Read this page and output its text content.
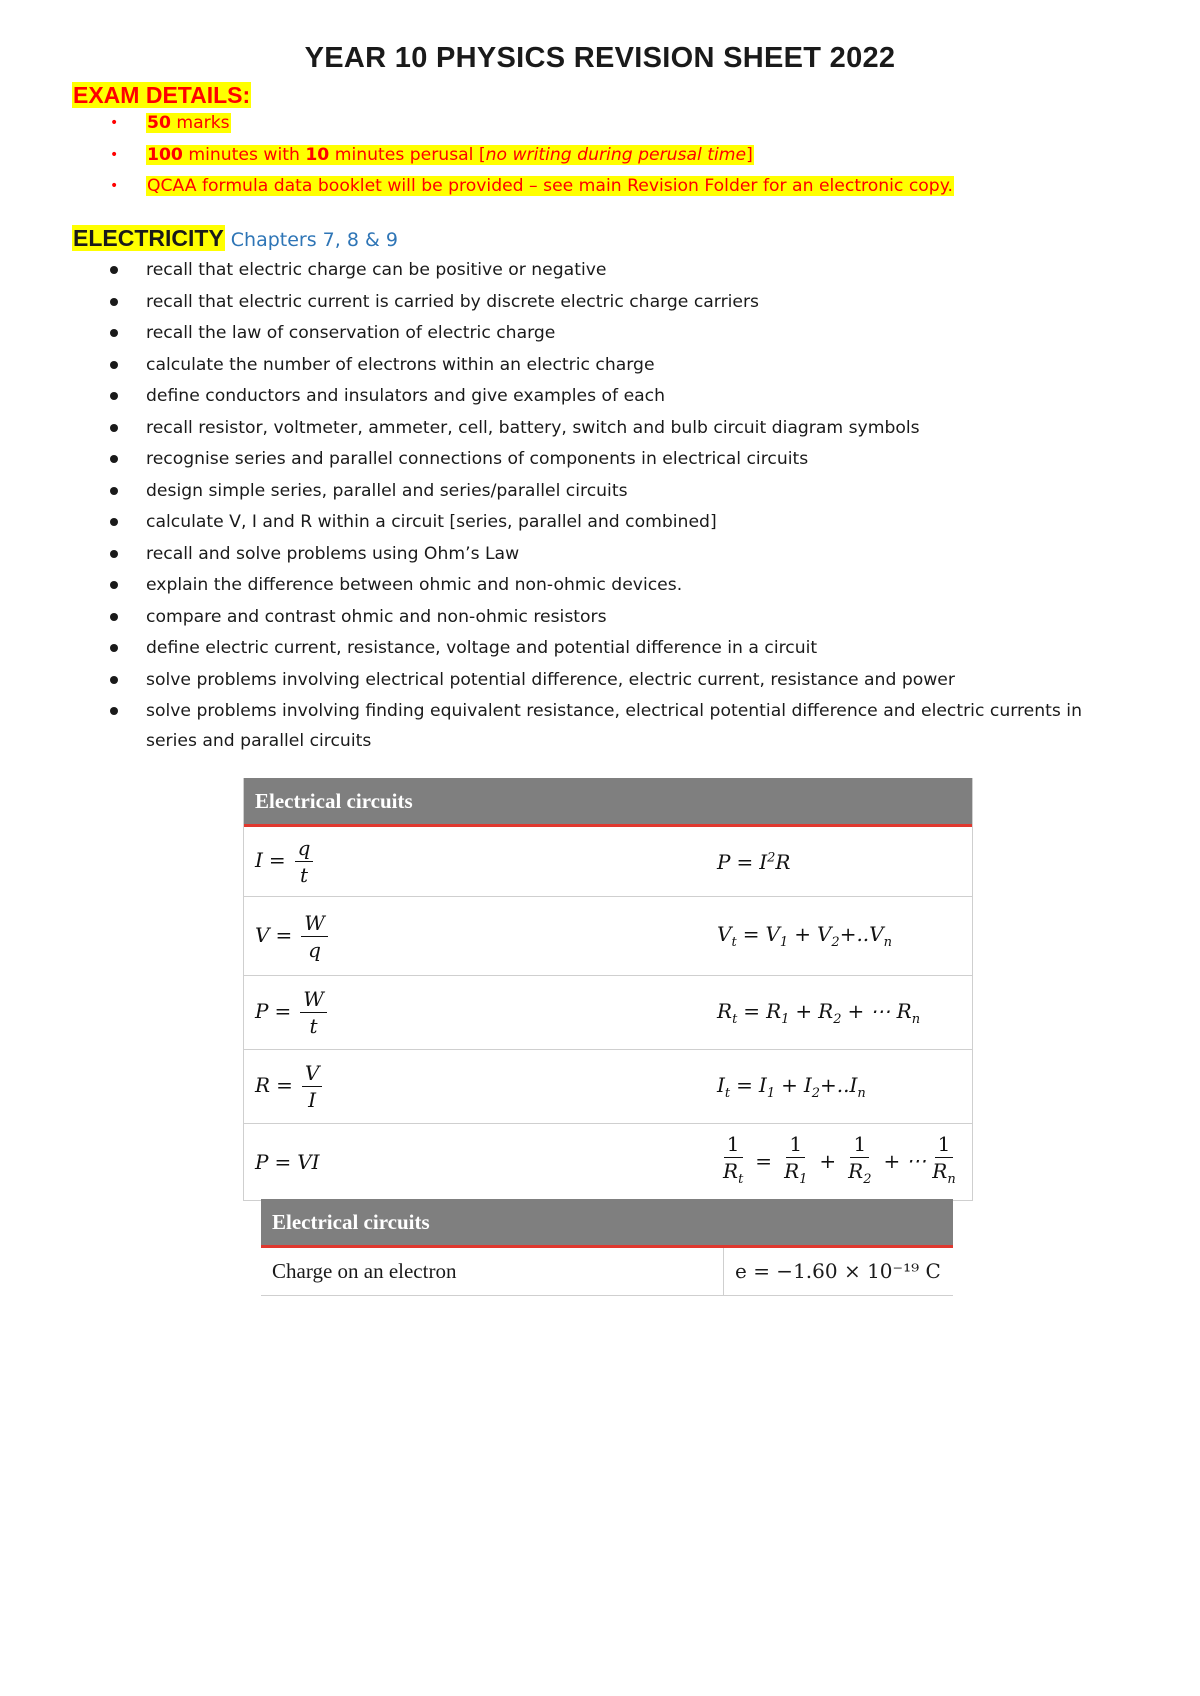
YEAR 10 PHYSICS REVISION SHEET 2022
EXAM DETAILS:
• 50 marks
• 100 minutes with 10 minutes perusal [no writing during perusal time]
• QCAA formula data booklet will be provided – see main Revision Folder for an electronic copy.
ELECTRICITY Chapters 7, 8 & 9
recall that electric charge can be positive or negative
recall that electric current is carried by discrete electric charge carriers
recall the law of conservation of electric charge
calculate the number of electrons within an electric charge
define conductors and insulators and give examples of each
recall resistor, voltmeter, ammeter, cell, battery, switch and bulb circuit diagram symbols
recognise series and parallel connections of components in electrical circuits
design simple series, parallel and series/parallel circuits
calculate V, I and R within a circuit [series, parallel and combined]
recall and solve problems using Ohm’s Law
explain the difference between ohmic and non-ohmic devices.
compare and contrast ohmic and non-ohmic resistors
define electric current, resistance, voltage and potential difference in a circuit
solve problems involving electrical potential difference, electric current, resistance and power
solve problems involving finding equivalent resistance, electrical potential difference and electric currents in
series and parallel circuits
Electrical circuits
$I = \frac{q}{t}$	$P = I^2R$
$V = \frac{W}{q}$	$V_t = V_1 + V_2+..V_n$
$P = \frac{W}{t}$	$R_t = R_1 + R_2$ + ⋯ $R_n$
$R = \frac{V}{I}$	$I_t = I_1 + I_2+..I_n$
P = VI	$\frac{1}{R_t} = \frac{1}{R_1} + \frac{1}{R_2}$ + ⋯ $\frac{1}{R_n}$
Electrical circuits
Charge on an electron	e = −1.60 × 10⁻¹⁹ C
